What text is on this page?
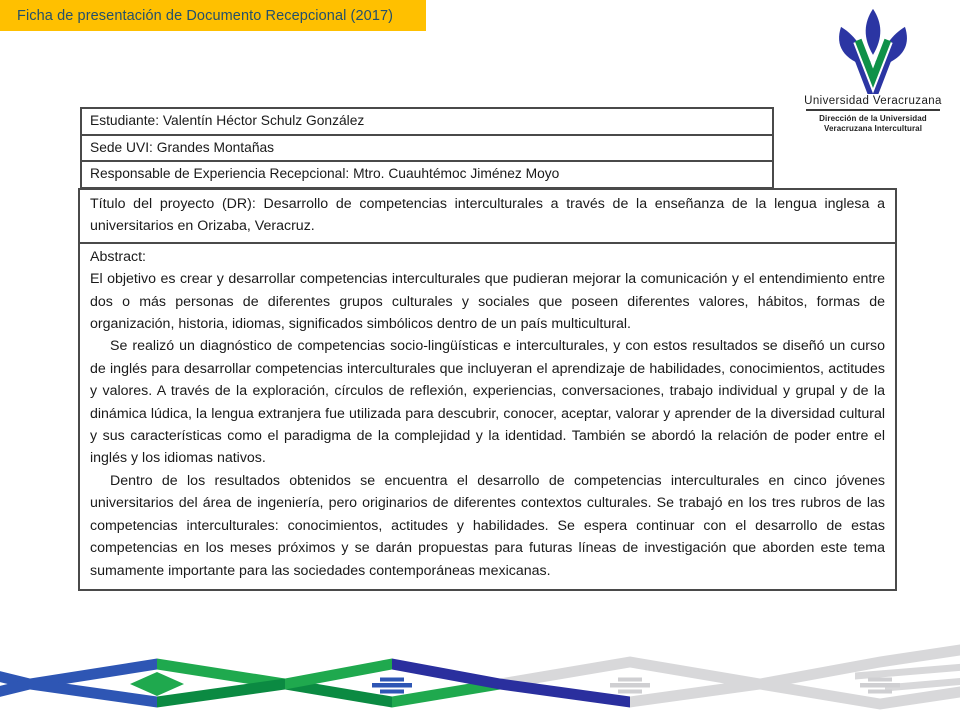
Ficha de presentación de Documento Recepcional (2017)
Universidad Veracruzana
Dirección de la Universidad
Veracruzana Intercultural
Estudiante: Valentín Héctor Schulz González
Sede UVI: Grandes Montañas
Responsable de Experiencia Recepcional: Mtro. Cuauhtémoc Jiménez Moyo
Título del proyecto (DR): Desarrollo de competencias interculturales a través de la enseñanza de la lengua inglesa a universitarios en Orizaba, Veracruz.

Abstract:

El objetivo es crear y desarrollar competencias interculturales que pudieran mejorar la comunicación y el entendimiento entre dos o más personas de diferentes grupos culturales y sociales que poseen diferentes valores, hábitos, formas de organización, historia, idiomas, significados simbólicos dentro de un país multicultural.

Se realizó un diagnóstico de competencias socio-lingüísticas e interculturales, y con estos resultados se diseñó un curso de inglés para desarrollar competencias interculturales que incluyeran el aprendizaje de habilidades, conocimientos, actitudes y valores. A través de la exploración, círculos de reflexión, experiencias, conversaciones, trabajo individual y grupal y de la dinámica lúdica, la lengua extranjera fue utilizada para descubrir, conocer, aceptar, valorar y aprender de la diversidad cultural y sus características como el paradigma de la complejidad y la identidad. También se abordó la relación de poder entre el inglés y los idiomas nativos.

Dentro de los resultados obtenidos se encuentra el desarrollo de competencias interculturales en cinco jóvenes universitarios del área de ingeniería, pero originarios de diferentes contextos culturales. Se trabajó en los tres rubros de las competencias interculturales: conocimientos, actitudes y habilidades. Se espera continuar con el desarrollo de estas competencias en los meses próximos y se darán propuestas para futuras líneas de investigación que aborden este tema sumamente importante para las sociedades contemporáneas mexicanas.
